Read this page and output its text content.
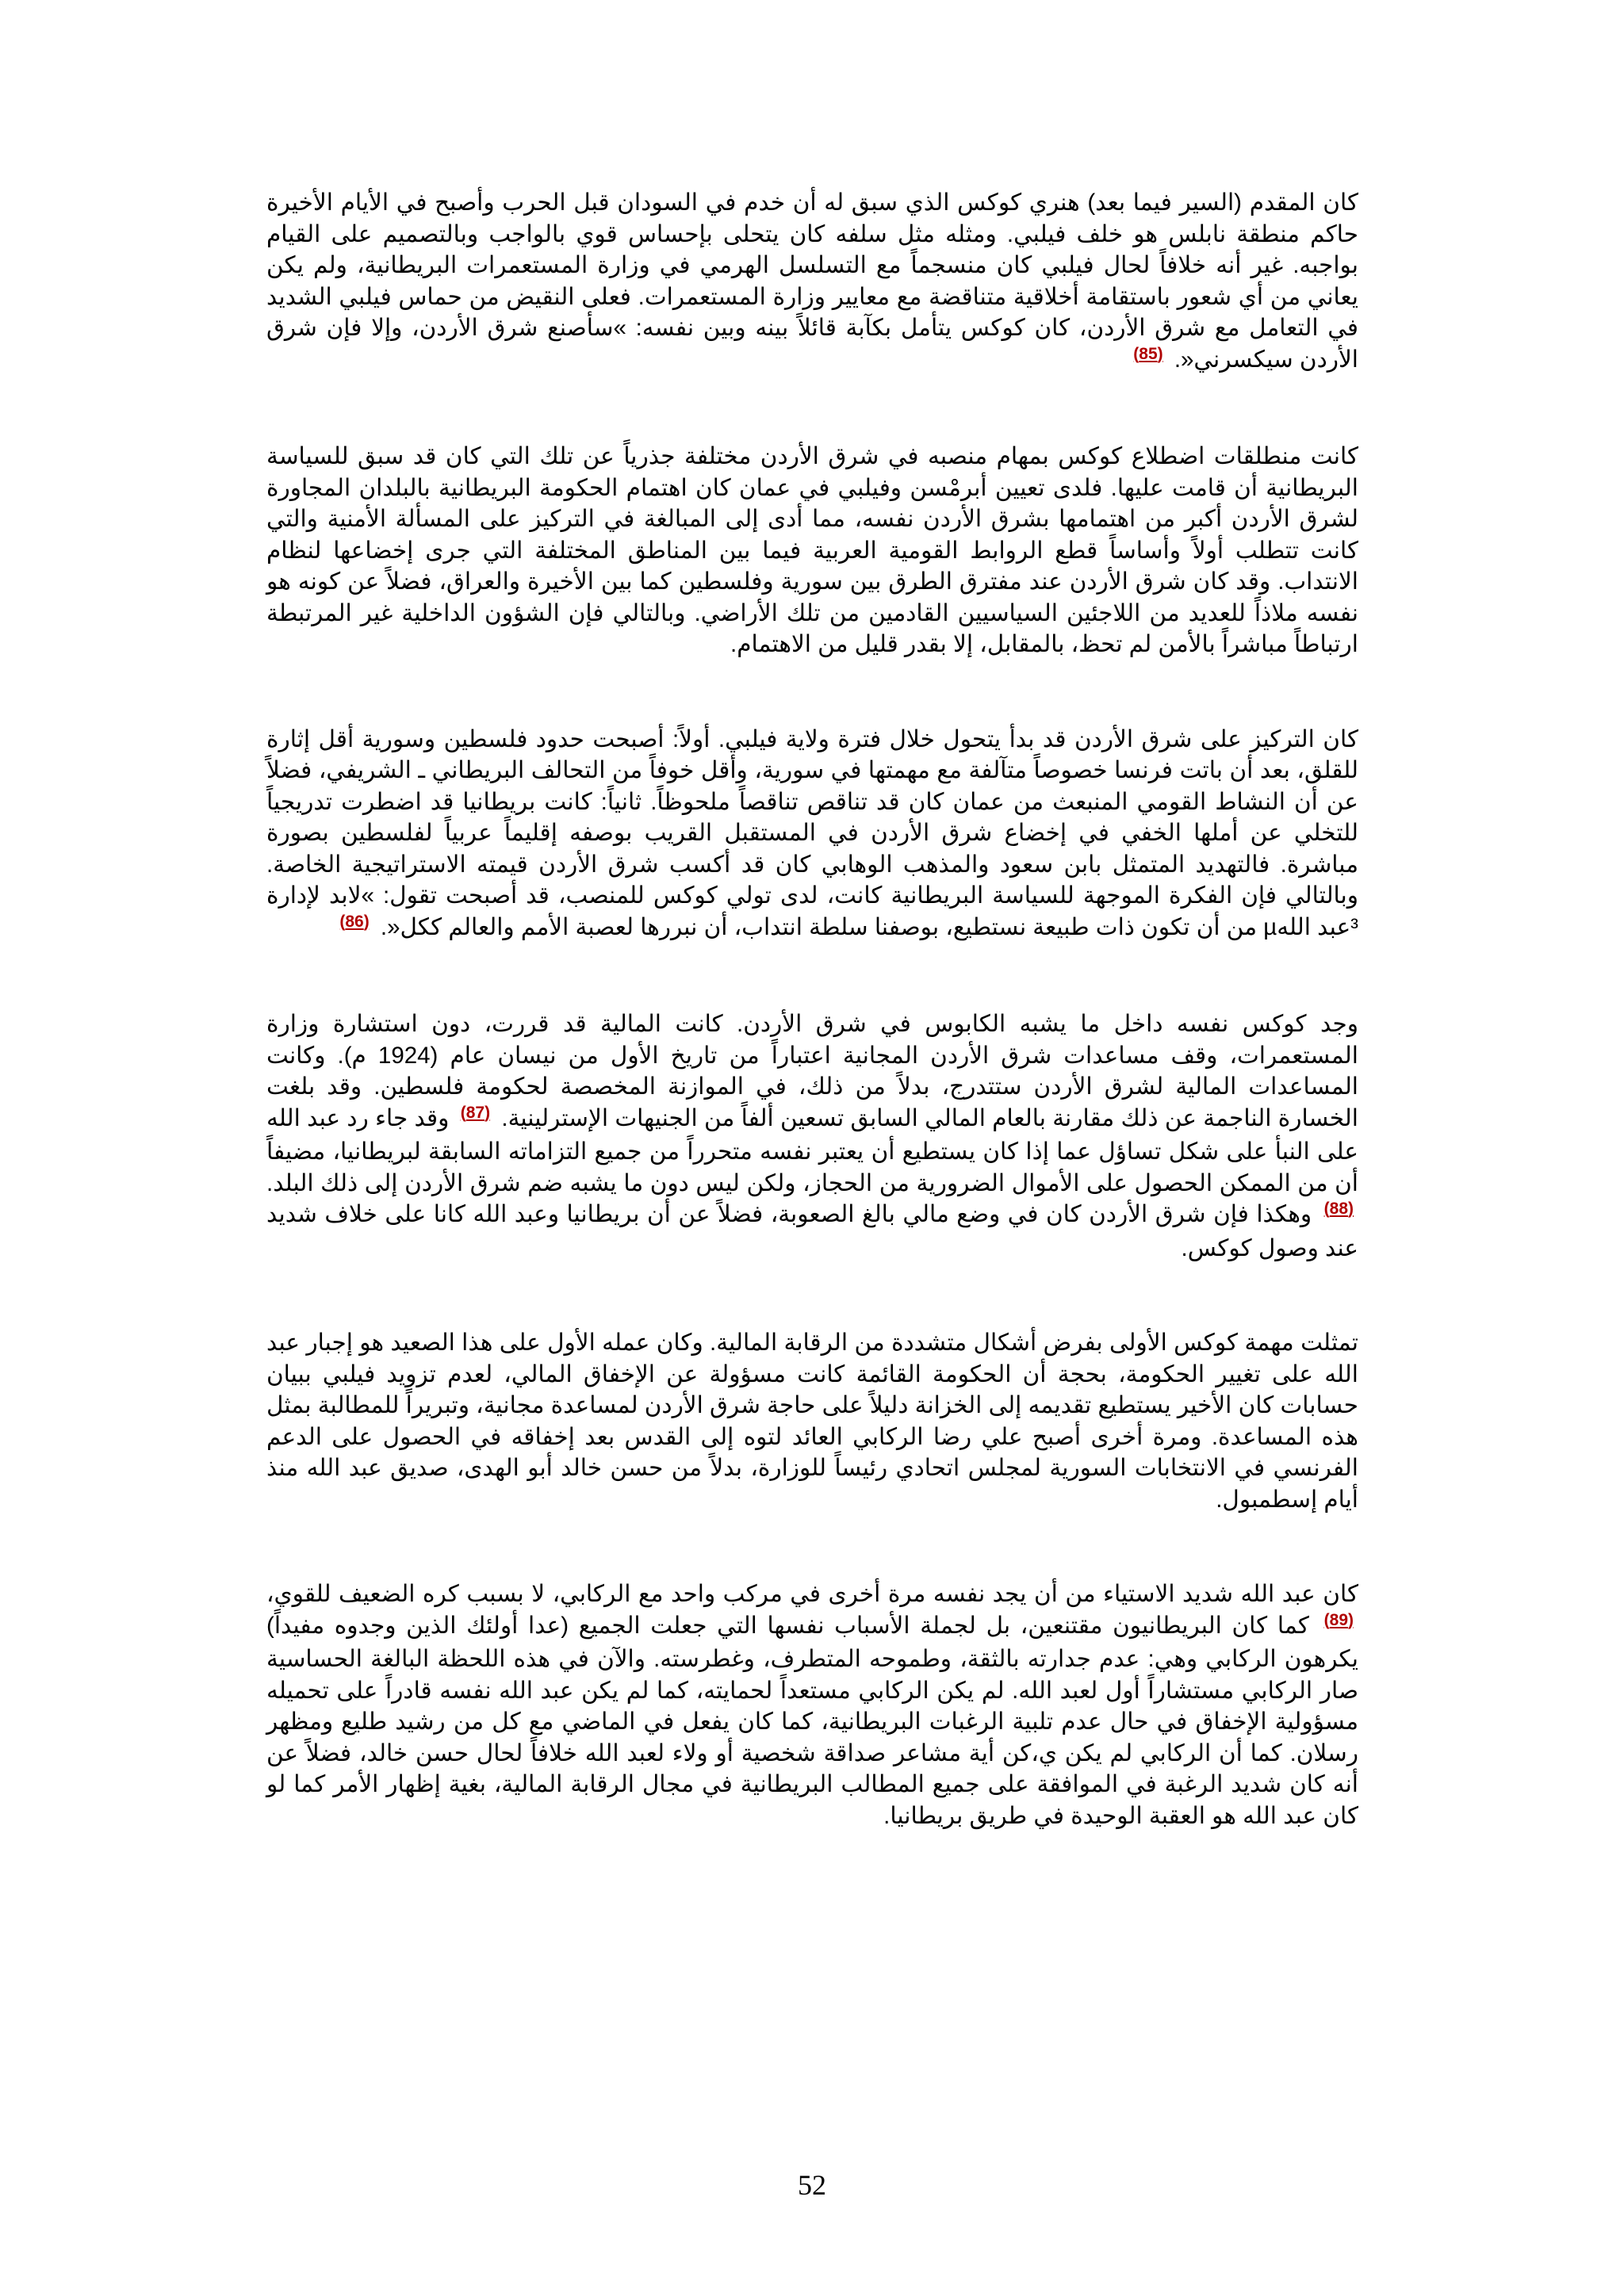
كان المقدم (السير فيما بعد) هنري كوكس الذي سبق له أن خدم في السودان قبل الحرب وأصبح في الأيام الأخيرة حاكم منطقة نابلس هو خلف فيلبي. ومثله مثل سلفه كان يتحلى بإحساس قوي بالواجب وبالتصميم على القيام بواجبه. غير أنه خلافاً لحال فيلبي كان منسجماً مع التسلسل الهرمي في وزارة المستعمرات البريطانية، ولم يكن يعاني من أي شعور باستقامة أخلاقية متناقضة مع معايير وزارة المستعمرات. فعلى النقيض من حماس فيلبي الشديد في التعامل مع شرق الأردن، كان كوكس يتأمل بكآبة قائلاً بينه وبين نفسه: »سأصنع شرق الأردن، وإلا فإن شرق الأردن سيكسرني«. $^{(85)}$

كانت منطلقات اضطلاع كوكس بمهام منصبه في شرق الأردن مختلفة جذرياً عن تلك التي كان قد سبق للسياسة البريطانية أن قامت عليها. فلدى تعيين أبرمْسن وفيلبي في عمان كان اهتمام الحكومة البريطانية بالبلدان المجاورة لشرق الأردن أكبر من اهتمامها بشرق الأردن نفسه، مما أدى إلى المبالغة في التركيز على المسألة الأمنية والتي كانت تتطلب أولاً وأساساً قطع الروابط القومية العربية فيما بين المناطق المختلفة التي جرى إخضاعها لنظام الانتداب. وقد كان شرق الأردن عند مفترق الطرق بين سورية وفلسطين كما بين الأخيرة والعراق، فضلاً عن كونه هو نفسه ملاذاً للعديد من اللاجئين السياسيين القادمين من تلك الأراضي. وبالتالي فإن الشؤون الداخلية غير المرتبطة ارتباطاً مباشراً بالأمن لم تحظ، بالمقابل، إلا بقدر قليل من الاهتمام.

كان التركيز على شرق الأردن قد بدأ يتحول خلال فترة ولاية فيلبي. أولاً: أصبحت حدود فلسطين وسورية أقل إثارة للقلق، بعد أن باتت فرنسا خصوصاً متآلفة مع مهمتها في سورية، وأقل خوفاً من التحالف البريطاني ـ الشريفي، فضلاً عن أن النشاط القومي المنبعث من عمان كان قد تناقص تناقصاً ملحوظاً. ثانياً: كانت بريطانيا قد اضطرت تدريجياً للتخلي عن أملها الخفي في إخضاع شرق الأردن في المستقبل القريب بوصفه إقليماً عربياً لفلسطين بصورة مباشرة. فالتهديد المتمثل بابن سعود والمذهب الوهابي كان قد أكسب شرق الأردن قيمته الاستراتيجية الخاصة. وبالتالي فإن الفكرة الموجهة للسياسة البريطانية كانت، لدى تولي كوكس للمنصب، قد أصبحت تقول: »لابد لإدارة ³عبد اللهµ من أن تكون ذات طبيعة نستطيع، بوصفنا سلطة انتداب، أن نبررها لعصبة الأمم والعالم ككل«. $^{(86)}$

وجد كوكس نفسه داخل ما يشبه الكابوس في شرق الأردن. كانت المالية قد قررت، دون استشارة وزارة المستعمرات، وقف مساعدات شرق الأردن المجانية اعتباراً من تاريخ الأول من نيسان عام (1924 م). وكانت المساعدات المالية لشرق الأردن ستتدرج، بدلاً من ذلك، في الموازنة المخصصة لحكومة فلسطين. وقد بلغت الخسارة الناجمة عن ذلك مقارنة بالعام المالي السابق تسعين ألفاً من الجنيهات الإسترلينية. $^{(87)}$ وقد جاء رد عبد الله على النبأ على شكل تساؤل عما إذا كان يستطيع أن يعتبر نفسه متحرراً من جميع التزاماته السابقة لبريطانيا، مضيفاً أن من الممكن الحصول على الأموال الضرورية من الحجاز، ولكن ليس دون ما يشبه ضم شرق الأردن إلى ذلك البلد. $^{(88)}$ وهكذا فإن شرق الأردن كان في وضع مالي بالغ الصعوبة، فضلاً عن أن بريطانيا وعبد الله كانا على خلاف شديد عند وصول كوكس.

تمثلت مهمة كوكس الأولى بفرض أشكال متشددة من الرقابة المالية. وكان عمله الأول على هذا الصعيد هو إجبار عبد الله على تغيير الحكومة، بحجة أن الحكومة القائمة كانت مسؤولة عن الإخفاق المالي، لعدم تزويد فيلبي ببيان حسابات كان الأخير يستطيع تقديمه إلى الخزانة دليلاً على حاجة شرق الأردن لمساعدة مجانية، وتبريراً للمطالبة بمثل هذه المساعدة. ومرة أخرى أصبح علي رضا الركابي العائد لتوه إلى القدس بعد إخفاقه في الحصول على الدعم الفرنسي في الانتخابات السورية لمجلس اتحادي رئيساً للوزارة، بدلاً من حسن خالد أبو الهدى، صديق عبد الله منذ أيام إسطمبول.

كان عبد الله شديد الاستياء من أن يجد نفسه مرة أخرى في مركب واحد مع الركابي، لا بسبب كره الضعيف للقوي، $^{(89)}$ كما كان البريطانيون مقتنعين، بل لجملة الأسباب نفسها التي جعلت الجميع (عدا أولئك الذين وجدوه مفيداً) يكرهون الركابي وهي: عدم جدارته بالثقة، وطموحه المتطرف، وغطرسته. والآن في هذه اللحظة البالغة الحساسية صار الركابي مستشاراً أول لعبد الله. لم يكن الركابي مستعداً لحمايته، كما لم يكن عبد الله نفسه قادراً على تحميله مسؤولية الإخفاق في حال عدم تلبية الرغبات البريطانية، كما كان يفعل في الماضي مع كل من رشيد طليع ومظهر رسلان. كما أن الركابي لم يكن ي،كن أية مشاعر صداقة شخصية أو ولاء لعبد الله خلافاً لحال حسن خالد، فضلاً عن أنه كان شديد الرغبة في الموافقة على جميع المطالب البريطانية في مجال الرقابة المالية، بغية إظهار الأمر كما لو كان عبد الله هو العقبة الوحيدة في طريق بريطانيا.

52
